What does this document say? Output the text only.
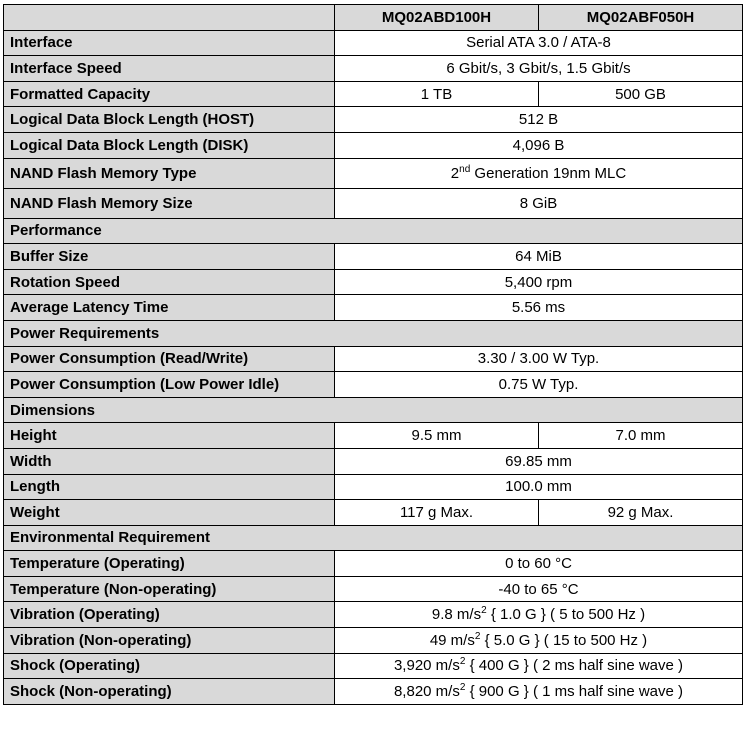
	MQ02ABD100H	MQ02ABF050H
Interface	Serial ATA 3.0 / ATA-8	
Interface Speed	6 Gbit/s, 3 Gbit/s, 1.5 Gbit/s	
Formatted Capacity	1 TB	500 GB
Logical Data Block Length (HOST)	512 B	
Logical Data Block Length (DISK)	4,096 B	
NAND Flash Memory Type	2nd Generation 19nm MLC	
NAND Flash Memory Size	8 GiB	
Performance		
Buffer Size	64 MiB	
Rotation Speed	5,400 rpm	
Average Latency Time	5.56 ms	
Power Requirements		
Power Consumption (Read/Write)	3.30 / 3.00 W Typ.	
Power Consumption (Low Power Idle)	0.75 W Typ.	
Dimensions		
Height	9.5 mm	7.0 mm
Width	69.85 mm	
Length	100.0 mm	
Weight	117 g Max.	92 g Max.
Environmental Requirement		
Temperature (Operating)	0 to 60 °C	
Temperature (Non-operating)	-40 to 65 °C	
Vibration (Operating)	9.8 $m/s^2$ { 1.0 G } ( 5 to 500 Hz )	
Vibration (Non-operating)	49 $m/s^2$ { 5.0 G } ( 15 to 500 Hz )	
Shock (Operating)	3,920 $m/s^2$ { 400 G } ( 2 ms half sine wave )	
Shock (Non-operating)	8,820 $m/s^2$ { 900 G } ( 1 ms half sine wave )	
